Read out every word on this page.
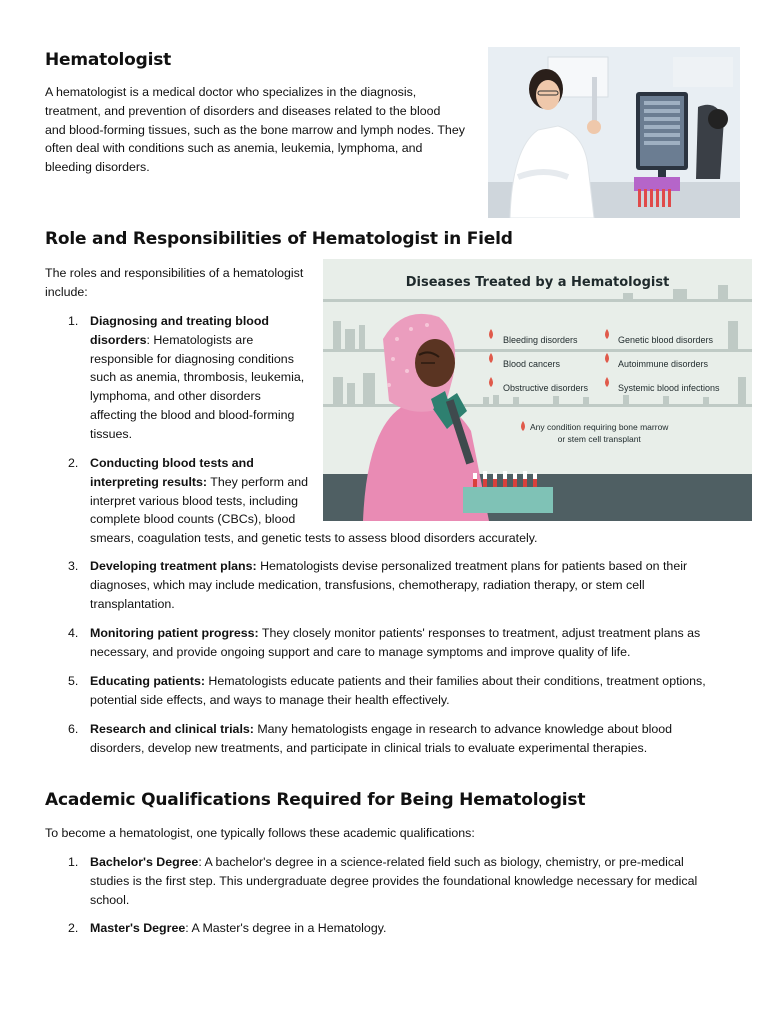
Hematologist

A hematologist is a medical doctor who specializes in the diagnosis,

treatment, and prevention of disorders and diseases related to the blood

and blood-forming tissues, such as the bone marrow and lymph nodes. They

often deal with conditions such as anemia, leukemia, lymphoma, and

bleeding disorders.

Role and Responsibilities of Hematologist in Field

The roles and responsibilities of a hematologist

include:

Diseases Treated by a Hematologist
Bleeding disorders
Blood cancers
Obstructive disorders
Genetic blood disorders
Autoimmune disorders
Systemic blood infections
Any condition requiring bone marrow
or stem cell transplant
1. Diagnosing and treating blood
disorders: Hematologists are
responsible for diagnosing conditions
such as anemia, thrombosis, leukemia,
lymphoma, and other disorders
affecting the blood and blood-forming
tissues.
2. Conducting blood tests and
interpreting results: They perform and
interpret various blood tests, including
complete blood counts (CBCs), blood
smears, coagulation tests, and genetic tests to assess blood disorders accurately.
3. Developing treatment plans: Hematologists devise personalized treatment plans for patients based on their
diagnoses, which may include medication, transfusions, chemotherapy, radiation therapy, or stem cell
transplantation.
4. Monitoring patient progress: They closely monitor patients' responses to treatment, adjust treatment plans as
necessary, and provide ongoing support and care to manage symptoms and improve quality of life.
5. Educating patients: Hematologists educate patients and their families about their conditions, treatment options,
potential side effects, and ways to manage their health effectively.
6. Research and clinical trials: Many hematologists engage in research to advance knowledge about blood
disorders, develop new treatments, and participate in clinical trials to evaluate experimental therapies.
Academic Qualifications Required for Being Hematologist

To become a hematologist, one typically follows these academic qualifications:

1. Bachelor's Degree: A bachelor's degree in a science-related field such as biology, chemistry, or pre-medical
studies is the first step. This undergraduate degree provides the foundational knowledge necessary for medical
school.
2. Master's Degree: A Master's degree in a Hematology.
